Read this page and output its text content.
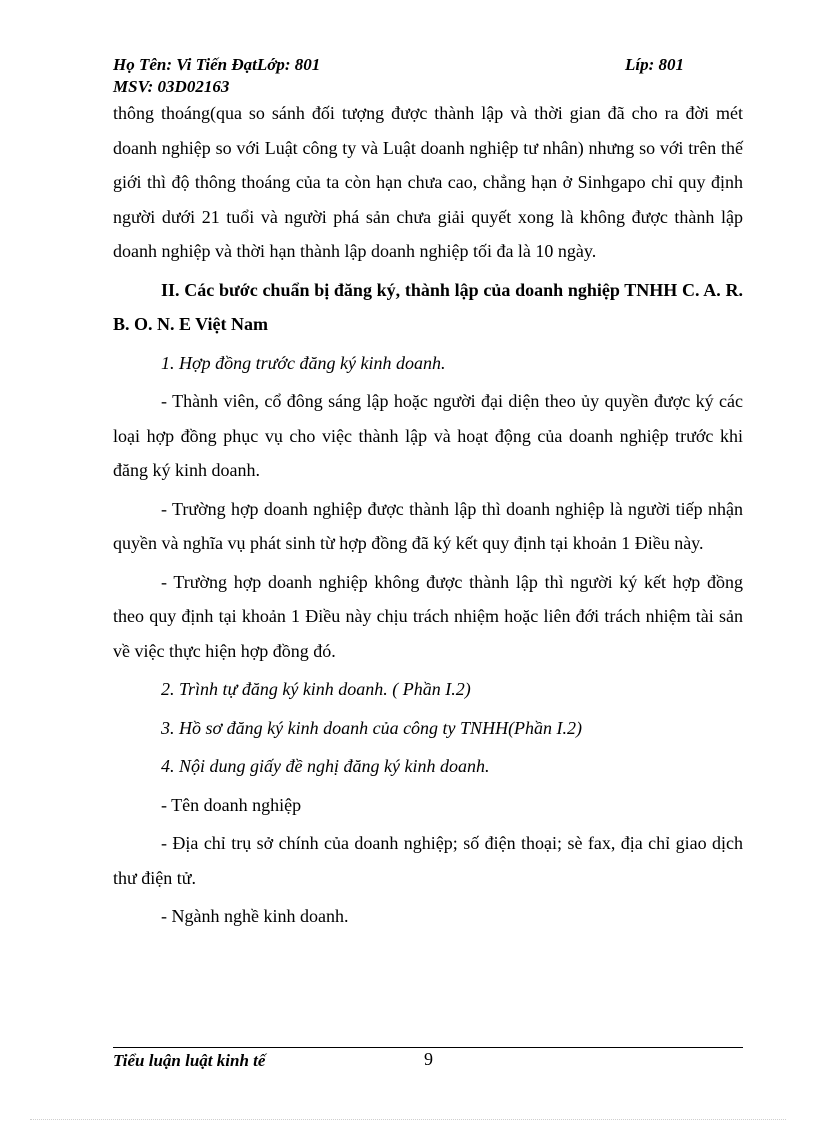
Họ Tên: Vi Tiến ĐạtLớp: 801	Líp: 801
MSV: 03D02163

thông thoáng(qua so sánh đối tượng được thành lập và thời gian đã cho ra đời mét doanh nghiệp so với Luật công ty và Luật doanh nghiệp tư nhân) nhưng so với trên thế giới thì độ thông thoáng của ta còn hạn chưa cao, chẳng hạn ở Sinhgapo chỉ quy định người dưới 21 tuổi và người phá sản chưa giải quyết xong là không được thành lập doanh nghiệp và thời hạn thành lập doanh nghiệp tối đa là 10 ngày.

II. Các bước chuẩn bị đăng ký, thành lập của doanh nghiệp TNHH C. A. R. B. O. N. E Việt Nam

1. Hợp đồng trước đăng ký kinh doanh.

- Thành viên, cổ đông sáng lập hoặc người đại diện theo ủy quyền được ký các loại hợp đồng phục vụ cho việc thành lập và hoạt động của doanh nghiệp trước khi đăng ký kinh doanh.

- Trường hợp doanh nghiệp được thành lập thì doanh nghiệp là người tiếp nhận quyền và nghĩa vụ phát sinh từ hợp đồng đã ký kết quy định tại khoản 1 Điều này.

- Trường hợp doanh nghiệp không được thành lập thì người ký kết hợp đồng theo quy định tại khoản 1 Điều này chịu trách nhiệm hoặc liên đới trách nhiệm tài sản về việc thực hiện hợp đồng đó.

2. Trình tự đăng ký kinh doanh. ( Phần I.2)

3. Hồ sơ đăng ký kinh doanh của công ty TNHH(Phần I.2)

4. Nội dung giấy đề nghị đăng ký kinh doanh.

- Tên doanh nghiệp

- Địa chỉ trụ sở chính của doanh nghiệp; số điện thoại; sè fax, địa chỉ giao dịch thư điện tử.

- Ngành nghề kinh doanh.

Tiểu luận luật kinh tế	9
